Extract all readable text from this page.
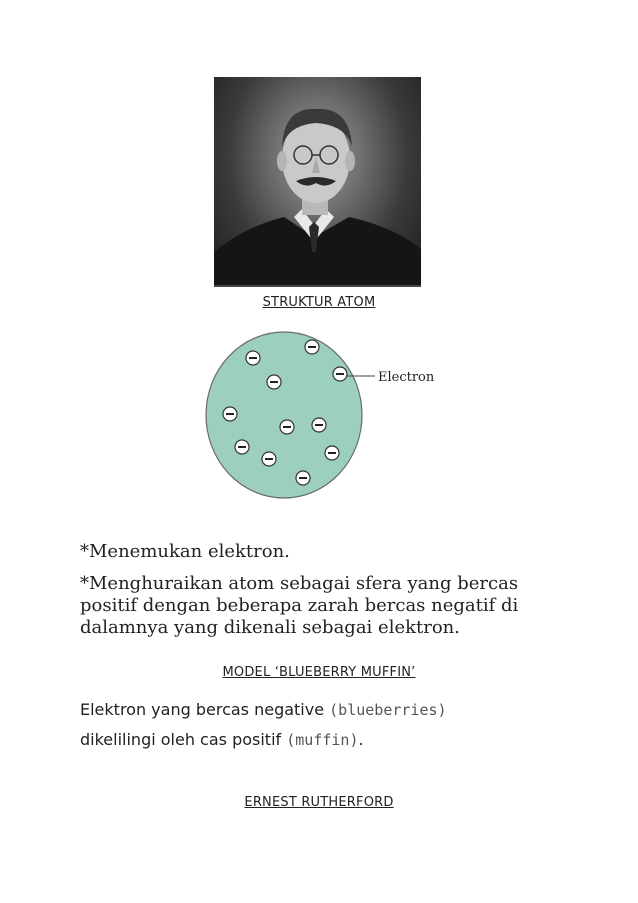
STRUKTUR ATOM
Electron
*Menemukan elektron.
*Menghuraikan atom sebagai sfera yang bercas positif dengan beberapa zarah bercas negatif di dalamnya yang dikenali sebagai elektron.
MODEL ‘BLUEBERRY MUFFIN’
Elektron yang bercas negative (blueberries)
dikelilingi oleh cas positif (muffin).
ERNEST RUTHERFORD
